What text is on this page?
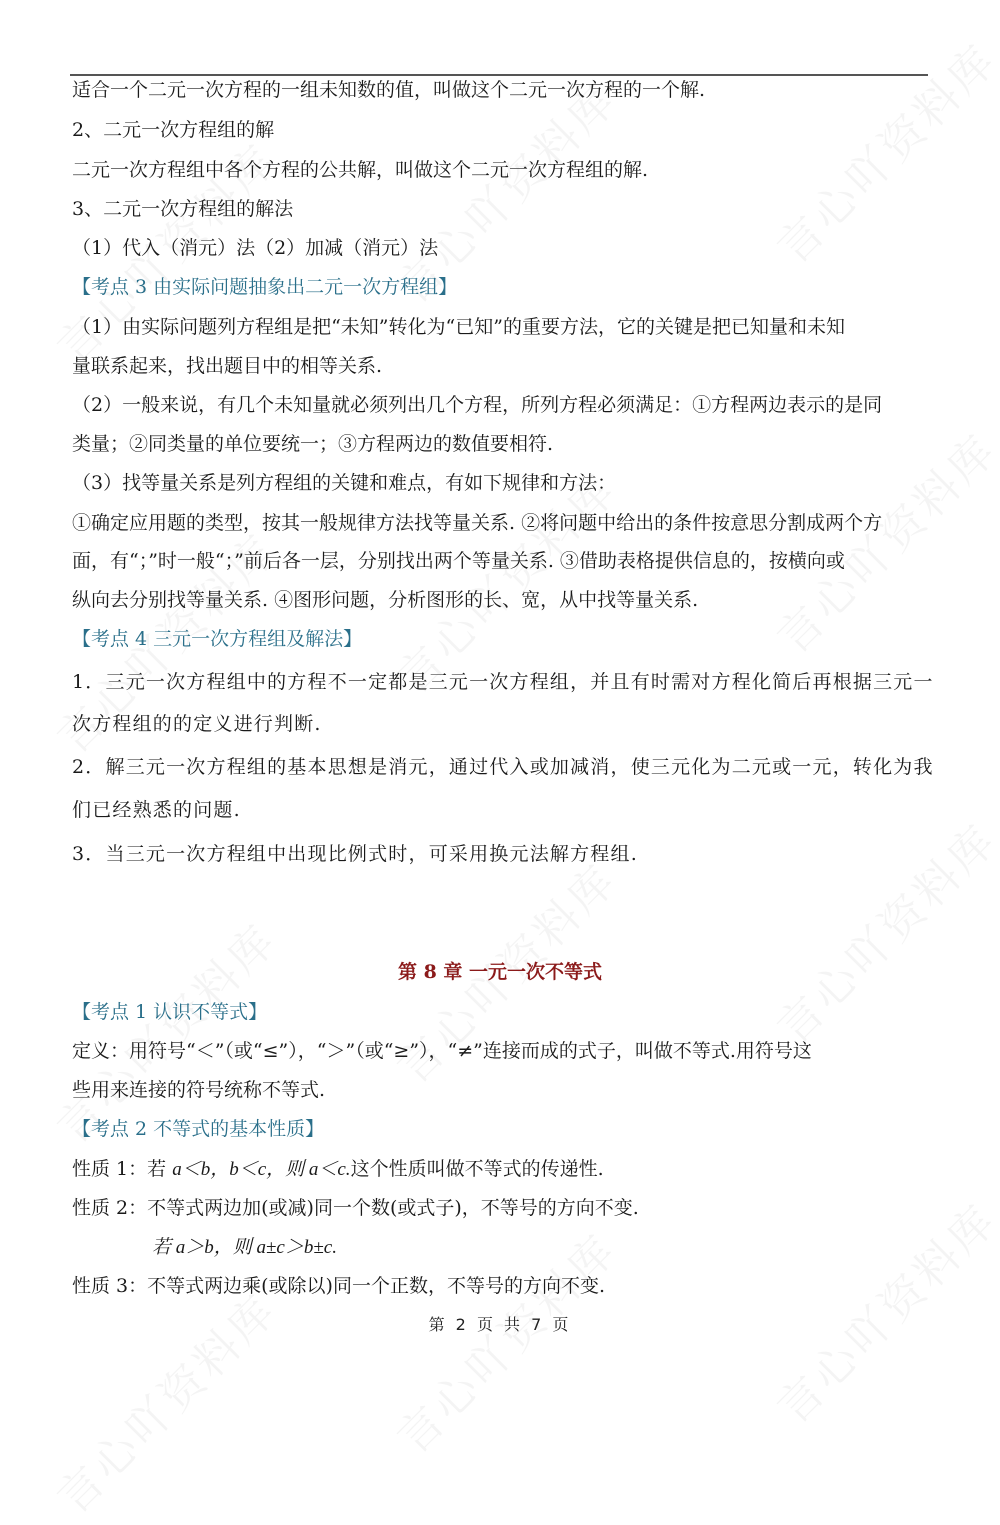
适合一个二元一次方程的一组未知数的值，叫做这个二元一次方程的一个解.
2、二元一次方程组的解
二元一次方程组中各个方程的公共解，叫做这个二元一次方程组的解.
3、二元一次方程组的解法
（1）代入（消元）法（2）加减（消元）法
【考点 3 由实际问题抽象出二元一次方程组】
（1）由实际问题列方程组是把“未知”转化为“已知”的重要方法，它的关键是把已知量和未知
量联系起来，找出题目中的相等关系.
（2）一般来说，有几个未知量就必须列出几个方程，所列方程必须满足：①方程两边表示的是同
类量；②同类量的单位要统一；③方程两边的数值要相符.
（3）找等量关系是列方程组的关键和难点，有如下规律和方法：
①确定应用题的类型，按其一般规律方法找等量关系. ②将问题中给出的条件按意思分割成两个方
面，有“；”时一般“；”前后各一层，分别找出两个等量关系. ③借助表格提供信息的，按横向或
纵向去分别找等量关系. ④图形问题，分析图形的长、宽，从中找等量关系.
【考点 4 三元一次方程组及解法】
1．三元一次方程组中的方程不一定都是三元一次方程组，并且有时需对方程化简后再根据三元一
次方程组的的定义进行判断.
2．解三元一次方程组的基本思想是消元，通过代入或加减消，使三元化为二元或一元，转化为我
们已经熟悉的问题.
3．当三元一次方程组中出现比例式时，可采用换元法解方程组.
第 8 章 一元一次不等式
【考点 1 认识不等式】
定义：用符号“＜”（或“≤”），“＞”（或“≥”），“≠”连接而成的式子，叫做不等式.用符号这
些用来连接的符号统称不等式.
【考点 2 不等式的基本性质】
性质 1：若 a＜b，b＜c，则 a＜c.这个性质叫做不等式的传递性.
性质 2：不等式两边加(或减)同一个数(或式子)，不等号的方向不变.
若 a＞b，则 a±c＞b±c.
性质 3：不等式两边乘(或除以)同一个正数，不等号的方向不变.
第 2 页 共 7 页
